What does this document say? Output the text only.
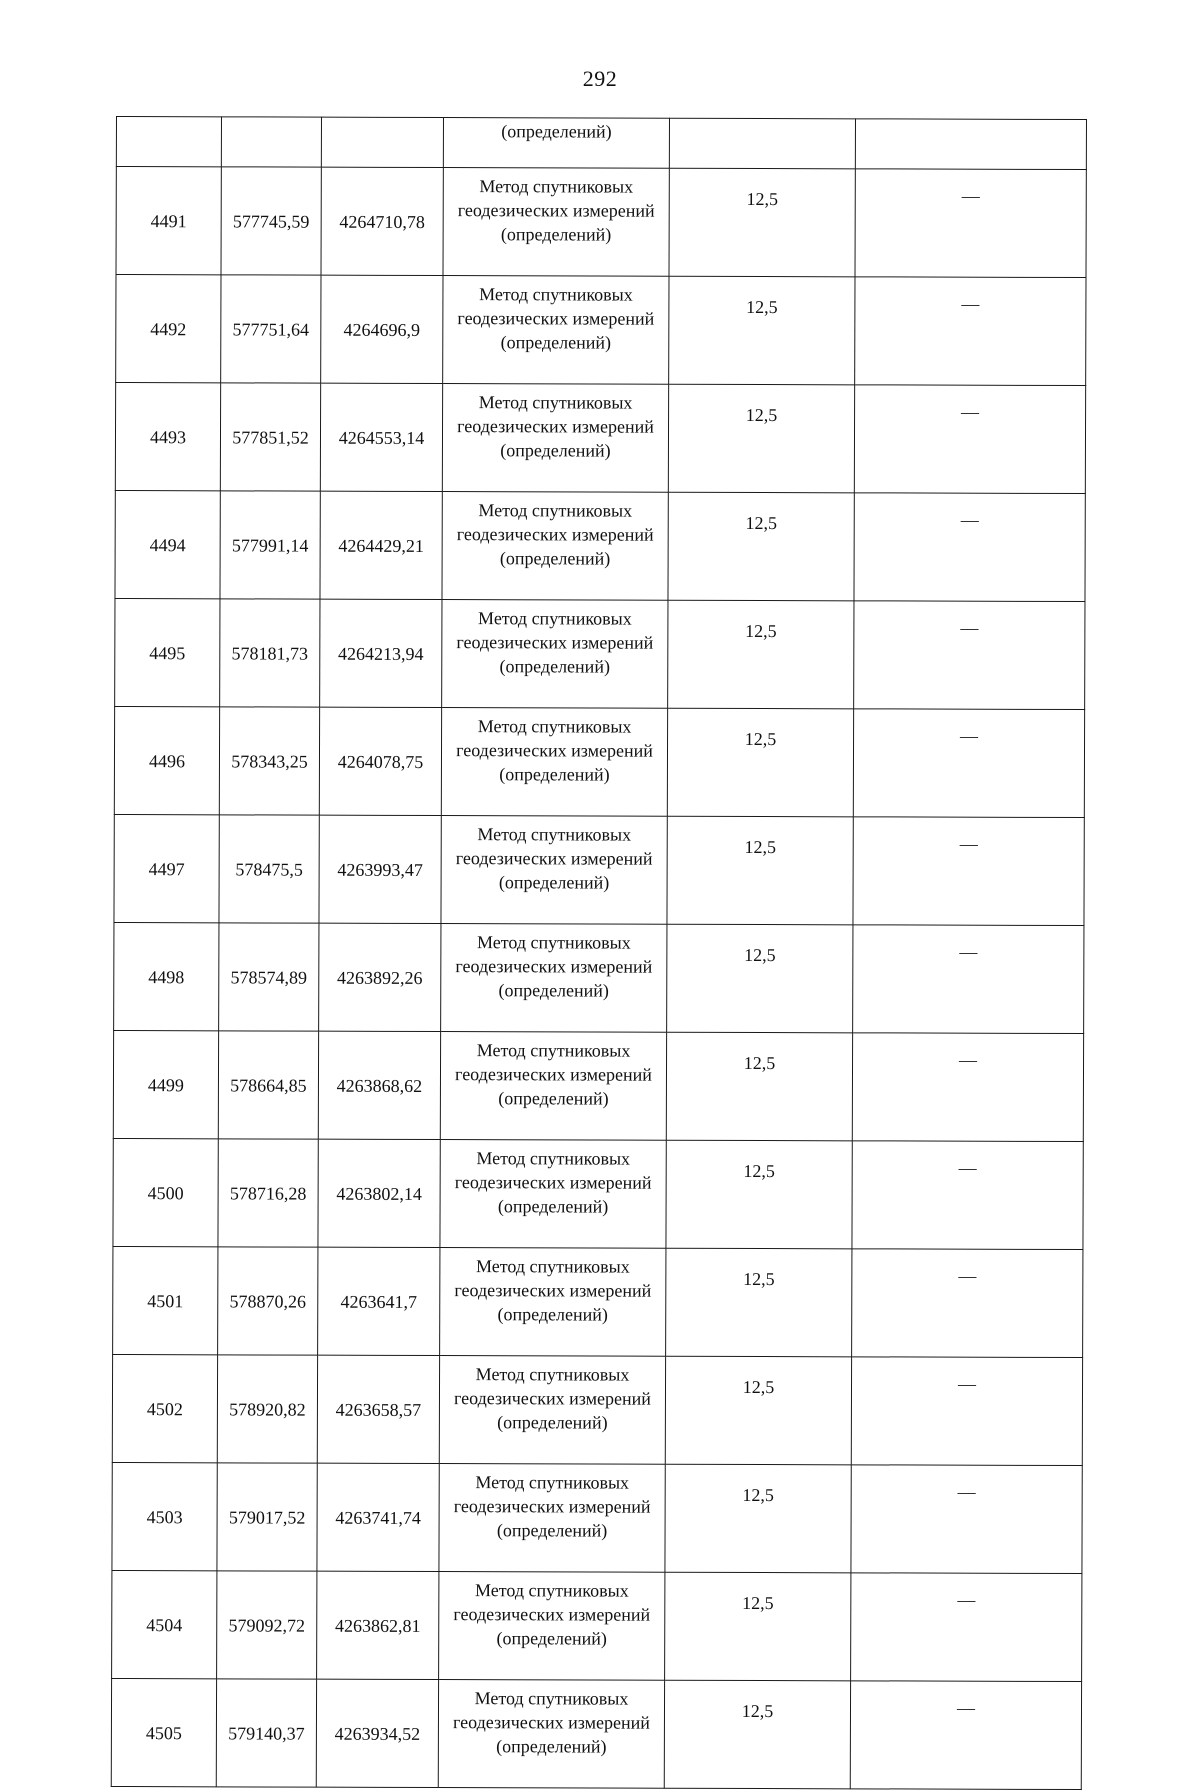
292
			(определений)		
4491	577745,59	4264710,78	Метод спутниковых
геодезических измерений
(определений)	12,5	—
4492	577751,64	4264696,9	Метод спутниковых
геодезических измерений
(определений)	12,5	—
4493	577851,52	4264553,14	Метод спутниковых
геодезических измерений
(определений)	12,5	—
4494	577991,14	4264429,21	Метод спутниковых
геодезических измерений
(определений)	12,5	—
4495	578181,73	4264213,94	Метод спутниковых
геодезических измерений
(определений)	12,5	—
4496	578343,25	4264078,75	Метод спутниковых
геодезических измерений
(определений)	12,5	—
4497	578475,5	4263993,47	Метод спутниковых
геодезических измерений
(определений)	12,5	—
4498	578574,89	4263892,26	Метод спутниковых
геодезических измерений
(определений)	12,5	—
4499	578664,85	4263868,62	Метод спутниковых
геодезических измерений
(определений)	12,5	—
4500	578716,28	4263802,14	Метод спутниковых
геодезических измерений
(определений)	12,5	—
4501	578870,26	4263641,7	Метод спутниковых
геодезических измерений
(определений)	12,5	—
4502	578920,82	4263658,57	Метод спутниковых
геодезических измерений
(определений)	12,5	—
4503	579017,52	4263741,74	Метод спутниковых
геодезических измерений
(определений)	12,5	—
4504	579092,72	4263862,81	Метод спутниковых
геодезических измерений
(определений)	12,5	—
4505	579140,37	4263934,52	Метод спутниковых
геодезических измерений
(определений)	12,5	—
